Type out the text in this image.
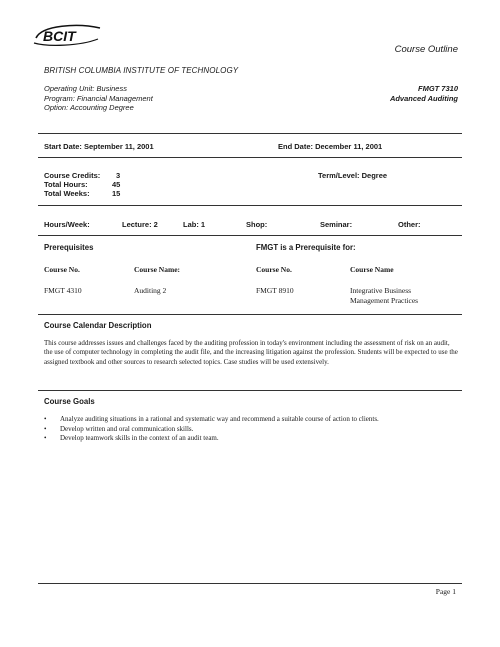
BCIT
Course Outline
BRITISH COLUMBIA INSTITUTE OF TECHNOLOGY
Operating Unit: Business
Program: Financial Management
Option: Accounting Degree
FMGT 7310
Advanced Auditing
Start Date: September 11, 2001	End Date: December 11, 2001
Course Credits: 3
Total Hours:	45
Total Weeks:	15
Term/Level: Degree
Hours/Week:	Lecture: 2	Lab: 1	Shop:	Seminar:	Other:
Prerequisites	FMGT is a Prerequisite for:
Course No.	Course Name:	Course No.	Course Name
FMGT 4310	Auditing 2	FMGT 8910	Integrative Business
Management Practices
Course Calendar Description
This course addresses issues and challenges faced by the auditing profession in today's environment including the assessment of risk on an audit, the use of computer technology in completing the audit file, and the increasing litigation against the profession. Students will be expected to use the assigned textbook and other sources to research selected topics. Case studies will be used extensively.
Course Goals
• Analyze auditing situations in a rational and systematic way and recommend a suitable course of action to clients.
• Develop written and oral communication skills.
• Develop teamwork skills in the context of an audit team.
Page 1
